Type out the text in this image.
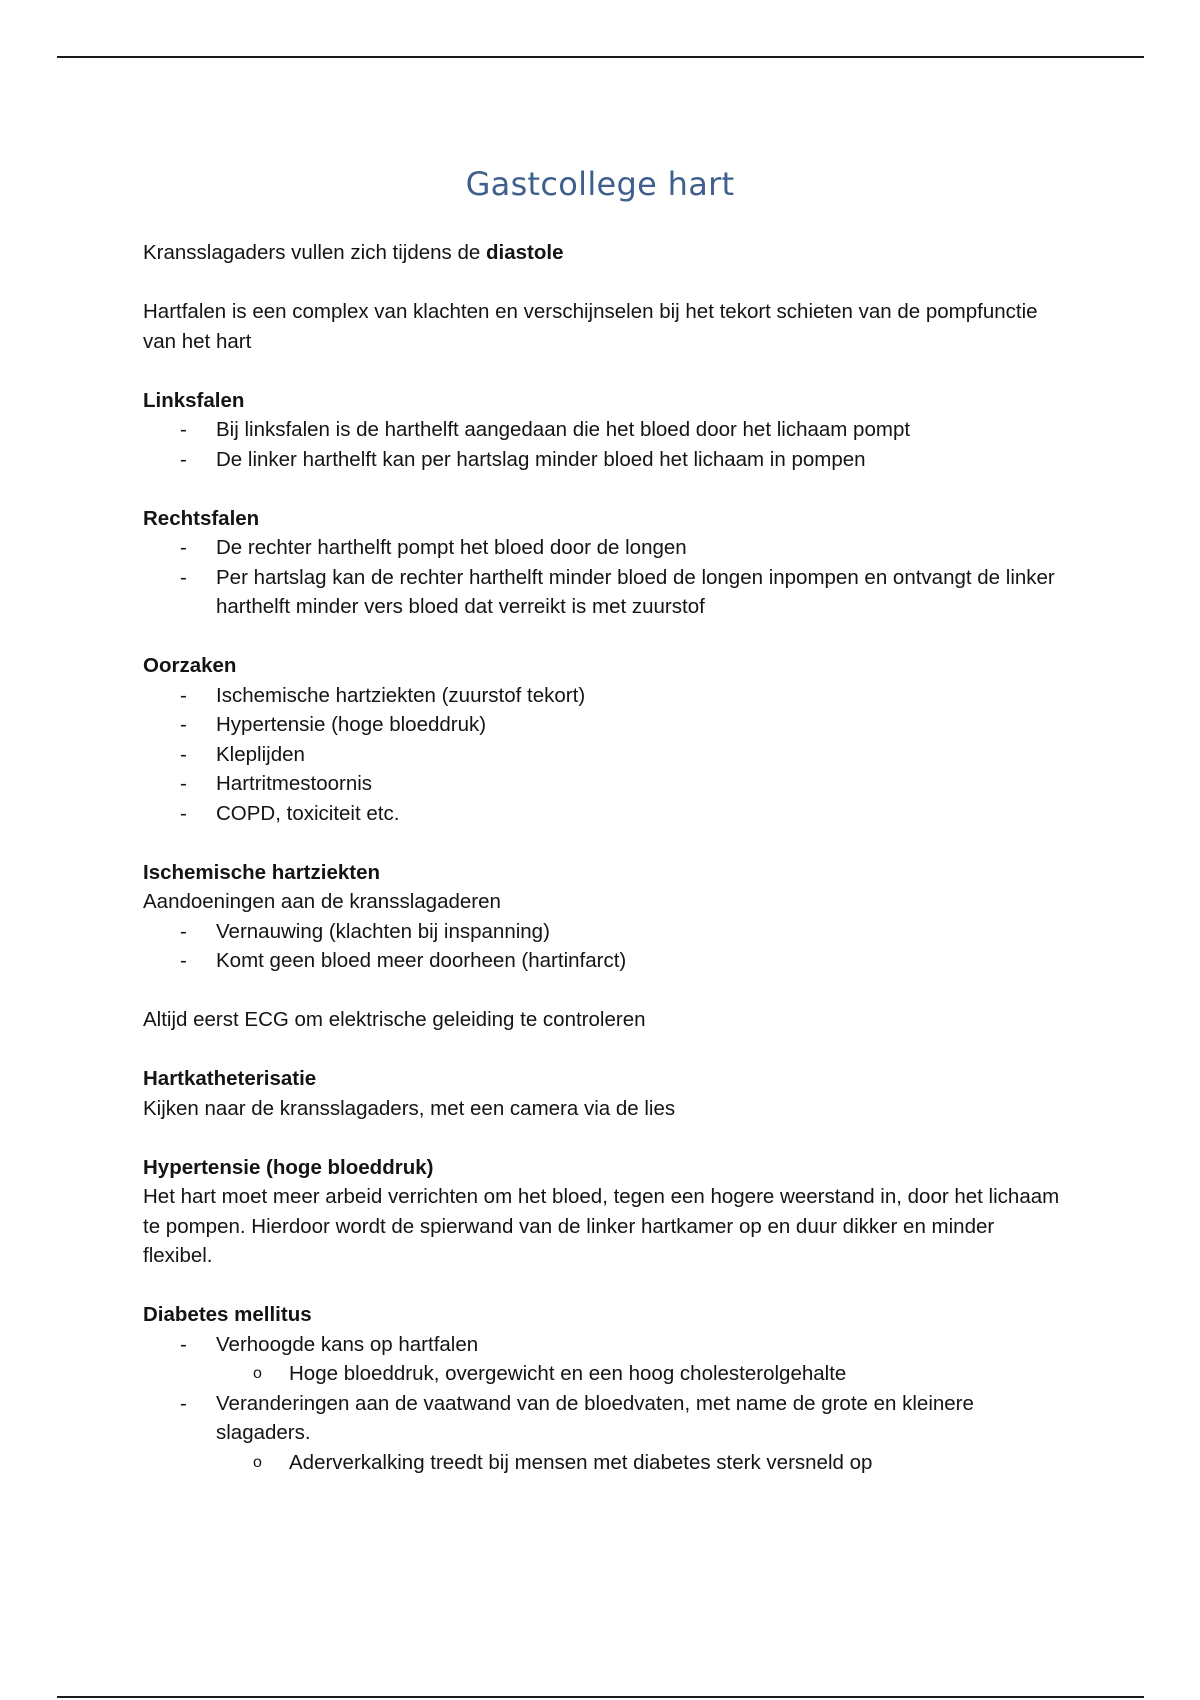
Gastcollege hart

Kransslagaders vullen zich tijdens de diastole

Hartfalen is een complex van klachten en verschijnselen bij het tekort schieten van de pompfunctie van het hart

Linksfalen

- Bij linksfalen is de harthelft aangedaan die het bloed door het lichaam pompt
- De linker harthelft kan per hartslag minder bloed het lichaam in pompen

Rechtsfalen

- De rechter harthelft pompt het bloed door de longen
- Per hartslag kan de rechter harthelft minder bloed de longen inpompen en ontvangt de linker harthelft minder vers bloed dat verreikt is met zuurstof

Oorzaken

- Ischemische hartziekten (zuurstof tekort)
- Hypertensie (hoge bloeddruk)
- Kleplijden
- Hartritmestoornis
- COPD, toxiciteit etc.

Ischemische hartziekten

Aandoeningen aan de kransslagaderen

- Vernauwing (klachten bij inspanning)
- Komt geen bloed meer doorheen (hartinfarct)

Altijd eerst ECG om elektrische geleiding te controleren

Hartkatheterisatie

Kijken naar de kransslagaders, met een camera via de lies

Hypertensie (hoge bloeddruk)

Het hart moet meer arbeid verrichten om het bloed, tegen een hogere weerstand in, door het lichaam te pompen. Hierdoor wordt de spierwand van de linker hartkamer op en duur dikker en minder flexibel.

Diabetes mellitus

- Verhoogde kans op hartfalen
o Hoge bloeddruk, overgewicht en een hoog cholesterolgehalte
- Veranderingen aan de vaatwand van de bloedvaten, met name de grote en kleinere slagaders.
o Aderverkalking treedt bij mensen met diabetes sterk versneld op
